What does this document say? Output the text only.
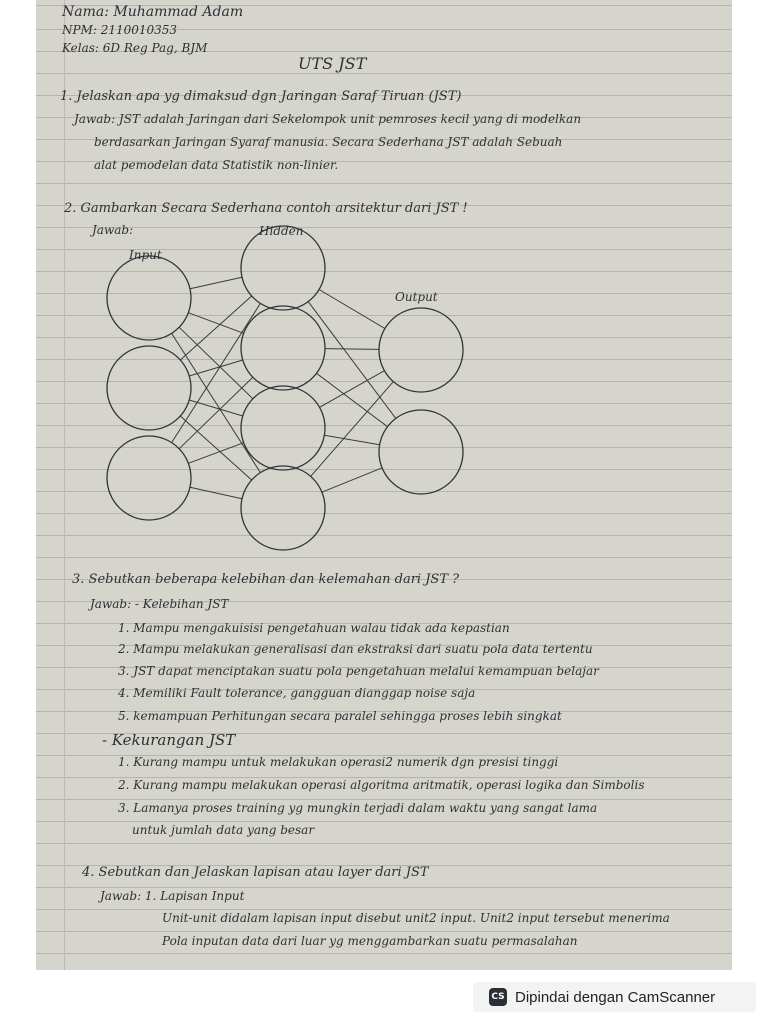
Nama: Muhammad Adam
NPM: 2110010353
Kelas: 6D Reg Pag, BJM
UTS JST
1. Jelaskan apa yg dimaksud dgn Jaringan Saraf Tiruan (JST)
Jawab: JST adalah Jaringan dari Sekelompok unit pemroses kecil yang di modelkan
berdasarkan Jaringan Syaraf manusia. Secara Sederhana JST adalah Sebuah
alat pemodelan data Statistik non-linier.
2. Gambarkan Secara Sederhana contoh arsitektur dari JST !
Jawab:
Input
Hidden
Output
3. Sebutkan beberapa kelebihan dan kelemahan dari JST ?
Jawab: - Kelebihan JST
1. Mampu mengakuisisi pengetahuan walau tidak ada kepastian
2. Mampu melakukan generalisasi dan ekstraksi dari suatu pola data tertentu
3. JST dapat menciptakan suatu pola pengetahuan melalui kemampuan belajar
4. Memiliki Fault tolerance, gangguan dianggap noise saja
5. kemampuan Perhitungan secara paralel sehingga proses lebih singkat
- Kekurangan JST
1. Kurang mampu untuk melakukan operasi2 numerik dgn presisi tinggi
2. Kurang mampu melakukan operasi algoritma aritmatik, operasi logika dan Simbolis
3. Lamanya proses training yg mungkin terjadi dalam waktu yang sangat lama
untuk jumlah data yang besar
4. Sebutkan dan Jelaskan lapisan atau layer dari JST
Jawab: 1. Lapisan Input
Unit-unit didalam lapisan input disebut unit2 input. Unit2 input tersebut menerima
Pola inputan data dari luar yg menggambarkan suatu permasalahan
CS Dipindai dengan CamScanner
